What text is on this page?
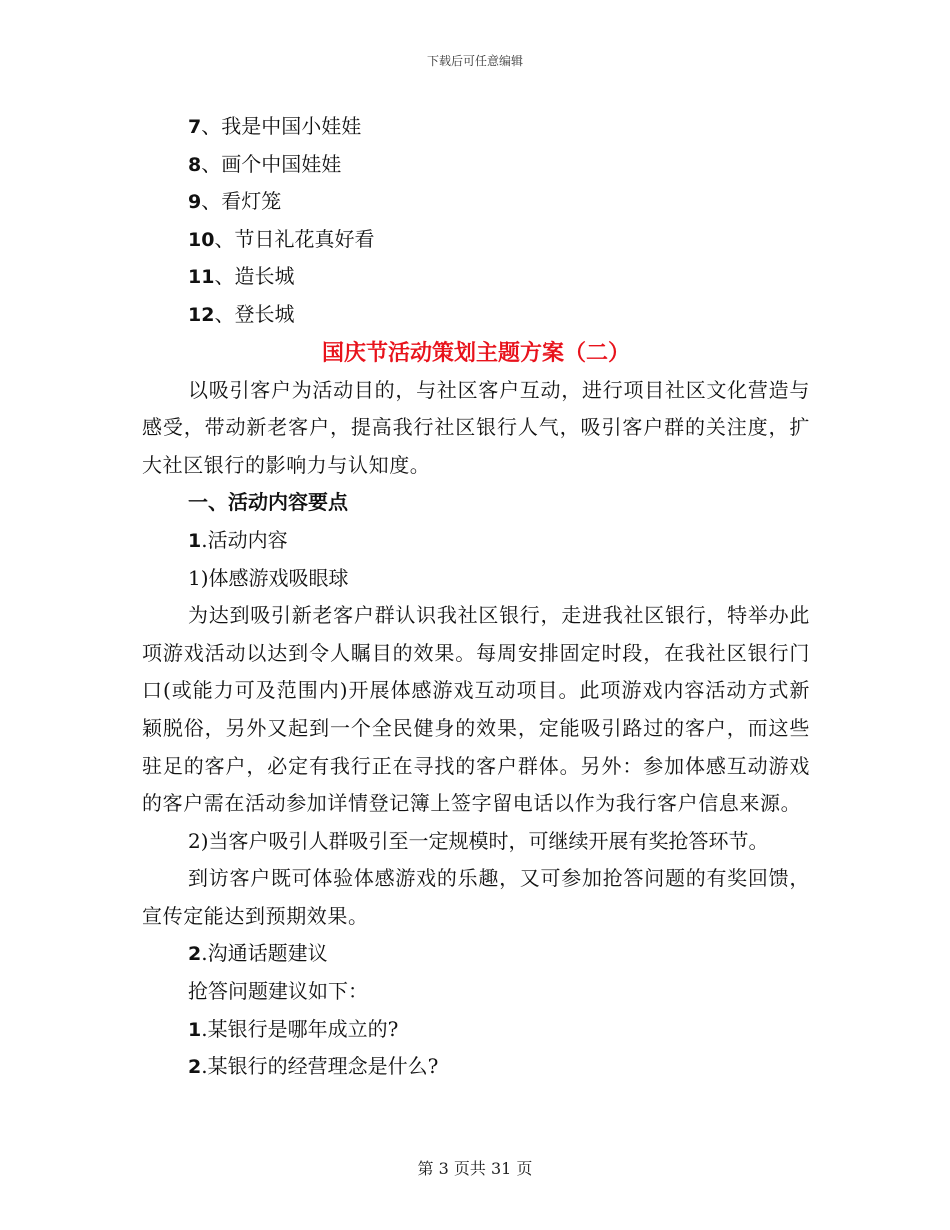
下载后可任意编辑
7、我是中国小娃娃
8、画个中国娃娃
9、看灯笼
10、节日礼花真好看
11、造长城
12、登长城
国庆节活动策划主题方案（二）

以吸引客户为活动目的，与社区客户互动，进行项目社区文化营造与感受，带动新老客户，提高我行社区银行人气，吸引客户群的关注度，扩大社区银行的影响力与认知度。

一、活动内容要点
1.活动内容
1)体感游戏吸眼球

为达到吸引新老客户群认识我社区银行，走进我社区银行，特举办此项游戏活动以达到令人瞩目的效果。每周安排固定时段，在我社区银行门口(或能力可及范围内)开展体感游戏互动项目。此项游戏内容活动方式新颖脱俗，另外又起到一个全民健身的效果，定能吸引路过的客户，而这些驻足的客户，必定有我行正在寻找的客户群体。另外：参加体感互动游戏的客户需在活动参加详情登记簿上签字留电话以作为我行客户信息来源。

2)当客户吸引人群吸引至一定规模时，可继续开展有奖抢答环节。

到访客户既可体验体感游戏的乐趣，又可参加抢答问题的有奖回馈，宣传定能达到预期效果。

2.沟通话题建议
抢答问题建议如下：
1.某银行是哪年成立的?
2.某银行的经营理念是什么?
第 3 页共 31 页
